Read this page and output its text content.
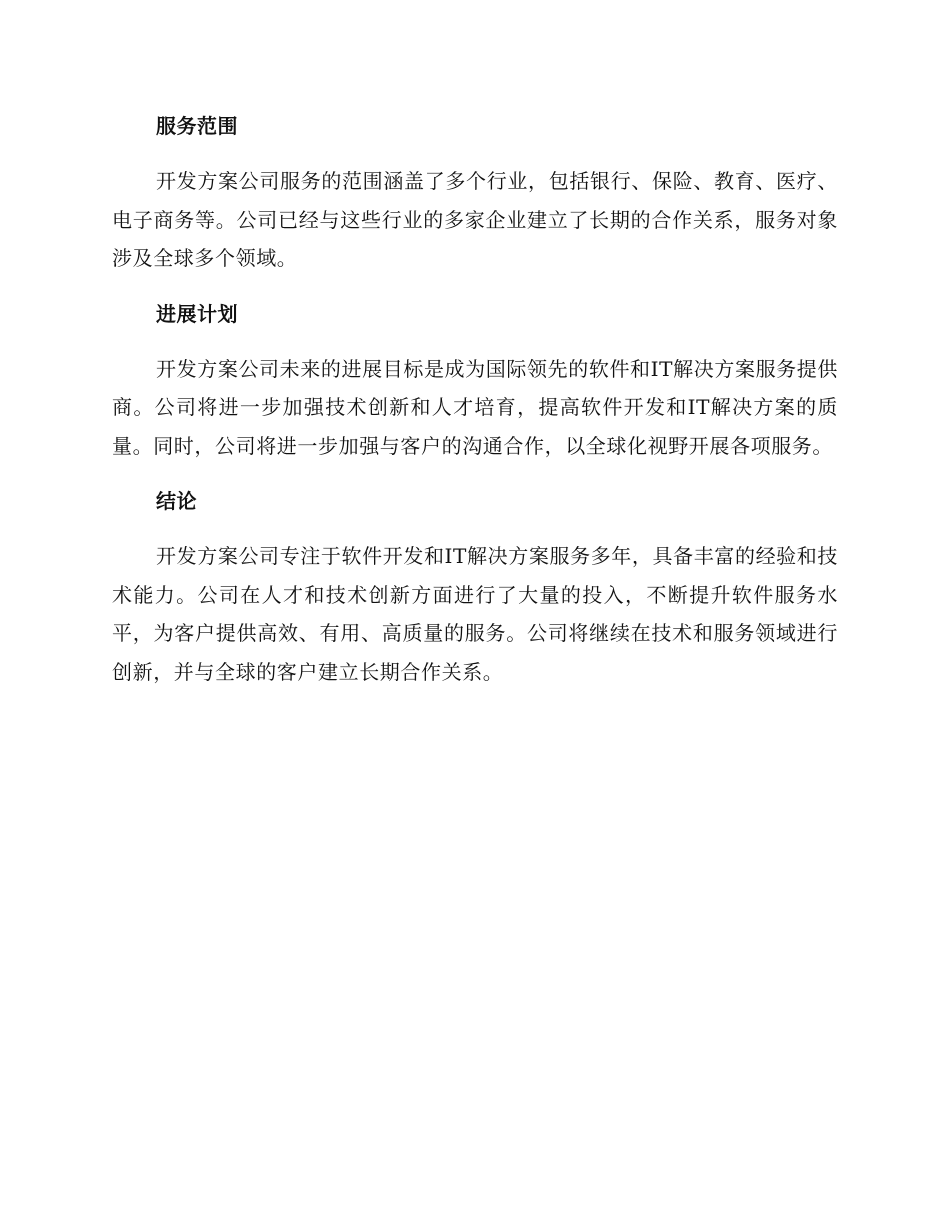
服务范围

开发方案公司服务的范围涵盖了多个行业，包括银行、保险、教育、医疗、电子商务等。公司已经与这些行业的多家企业建立了长期的合作关系，服务对象涉及全球多个领域。

进展计划

开发方案公司未来的进展目标是成为国际领先的软件和IT解决方案服务提供商。公司将进一步加强技术创新和人才培育，提高软件开发和IT解决方案的质量。同时，公司将进一步加强与客户的沟通合作，以全球化视野开展各项服务。

结论

开发方案公司专注于软件开发和IT解决方案服务多年，具备丰富的经验和技术能力。公司在人才和技术创新方面进行了大量的投入，不断提升软件服务水平，为客户提供高效、有用、高质量的服务。公司将继续在技术和服务领域进行创新，并与全球的客户建立长期合作关系。
